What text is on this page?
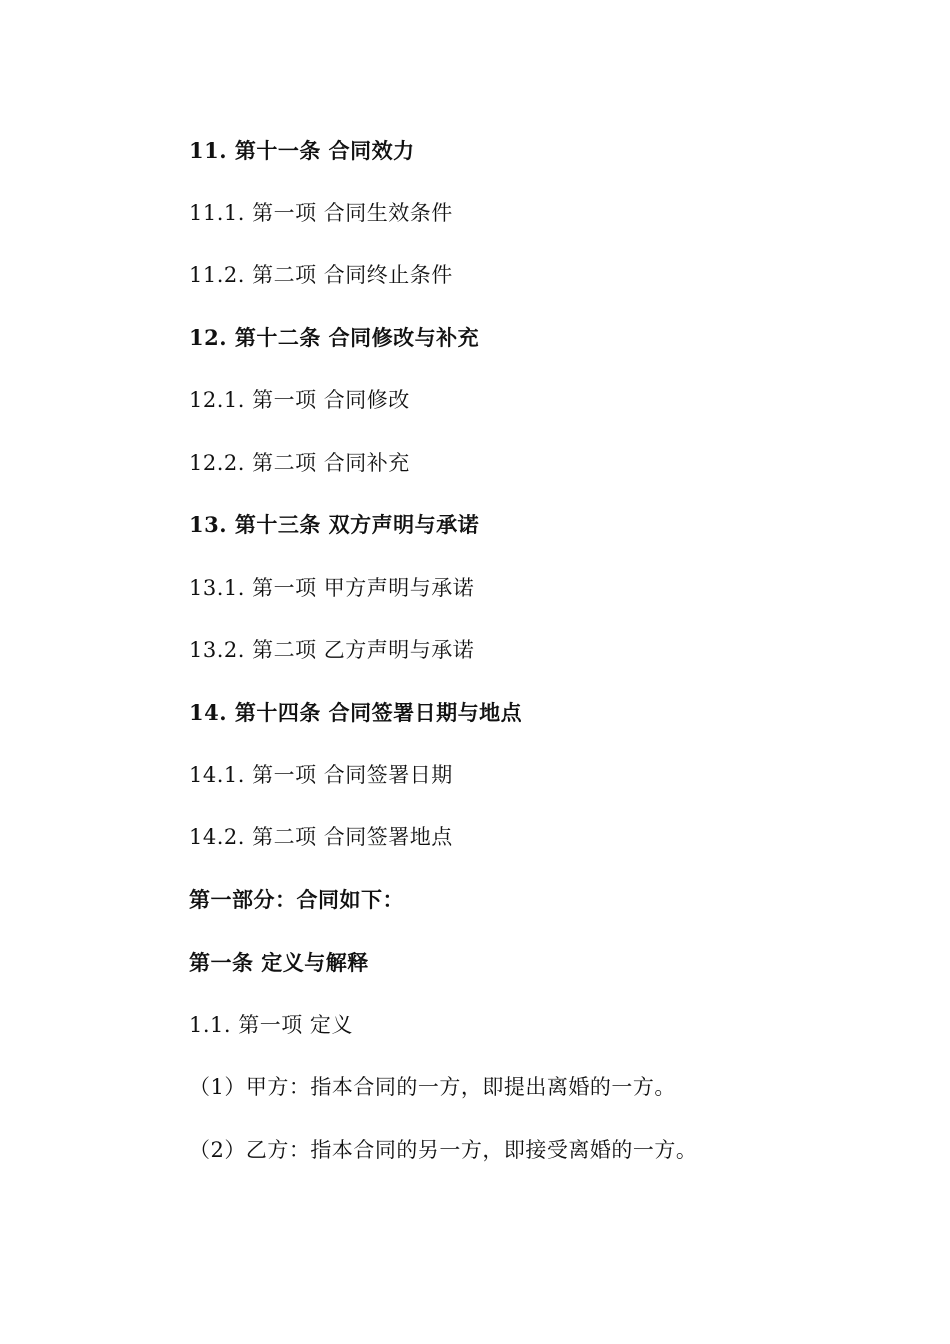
11. 第十一条 合同效力
11.1. 第一项 合同生效条件
11.2. 第二项 合同终止条件
12. 第十二条 合同修改与补充
12.1. 第一项 合同修改
12.2. 第二项 合同补充
13. 第十三条 双方声明与承诺
13.1. 第一项 甲方声明与承诺
13.2. 第二项 乙方声明与承诺
14. 第十四条 合同签署日期与地点
14.1. 第一项 合同签署日期
14.2. 第二项 合同签署地点
第一部分：合同如下：
第一条 定义与解释
1.1. 第一项 定义
（1）甲方：指本合同的一方，即提出离婚的一方。
（2）乙方：指本合同的另一方，即接受离婚的一方。
